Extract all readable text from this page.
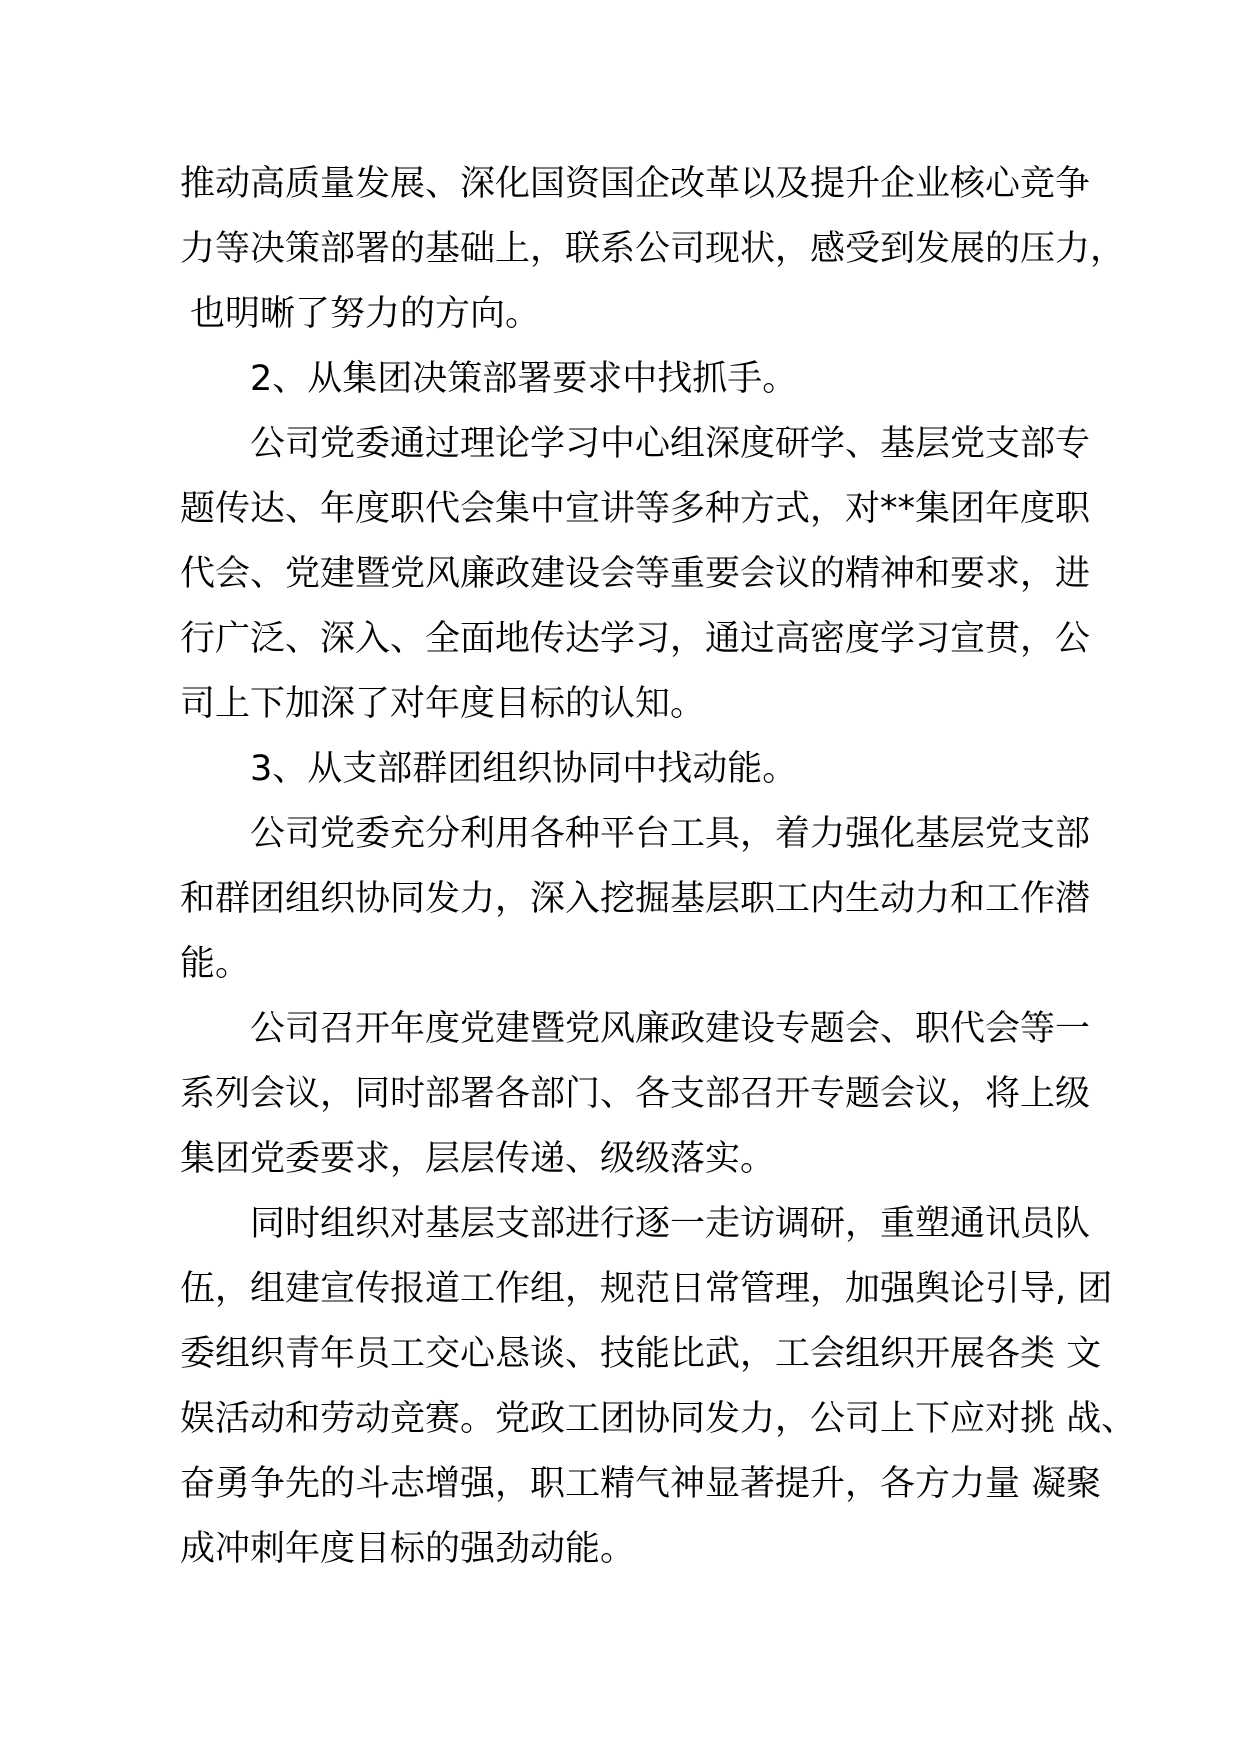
推动高质量发展、深化国资国企改革以及提升企业核心竞争
力等决策部署的基础上，联系公司现状，感受到发展的压力，
也明晰了努力的方向。
2、从集团决策部署要求中找抓手。
公司党委通过理论学习中心组深度研学、基层党支部专
题传达、年度职代会集中宣讲等多种方式，对**集团年度职
代会、党建暨党风廉政建设会等重要会议的精神和要求，进
行广泛、深入、全面地传达学习，通过高密度学习宣贯，公
司上下加深了对年度目标的认知。
3、从支部群团组织协同中找动能。
公司党委充分利用各种平台工具，着力强化基层党支部
和群团组织协同发力，深入挖掘基层职工内生动力和工作潜
能。
公司召开年度党建暨党风廉政建设专题会、职代会等一
系列会议，同时部署各部门、各支部召开专题会议，将上级
集团党委要求，层层传递、级级落实。
同时组织对基层支部进行逐一走访调研，重塑通讯员队
伍，组建宣传报道工作组，规范日常管理，加强舆论引导, 团
委组织青年员工交心恳谈、技能比武，工会组织开展各类 文
娱活动和劳动竞赛。党政工团协同发力，公司上下应对挑 战、
奋勇争先的斗志增强，职工精气神显著提升，各方力量 凝聚
成冲刺年度目标的强劲动能。
